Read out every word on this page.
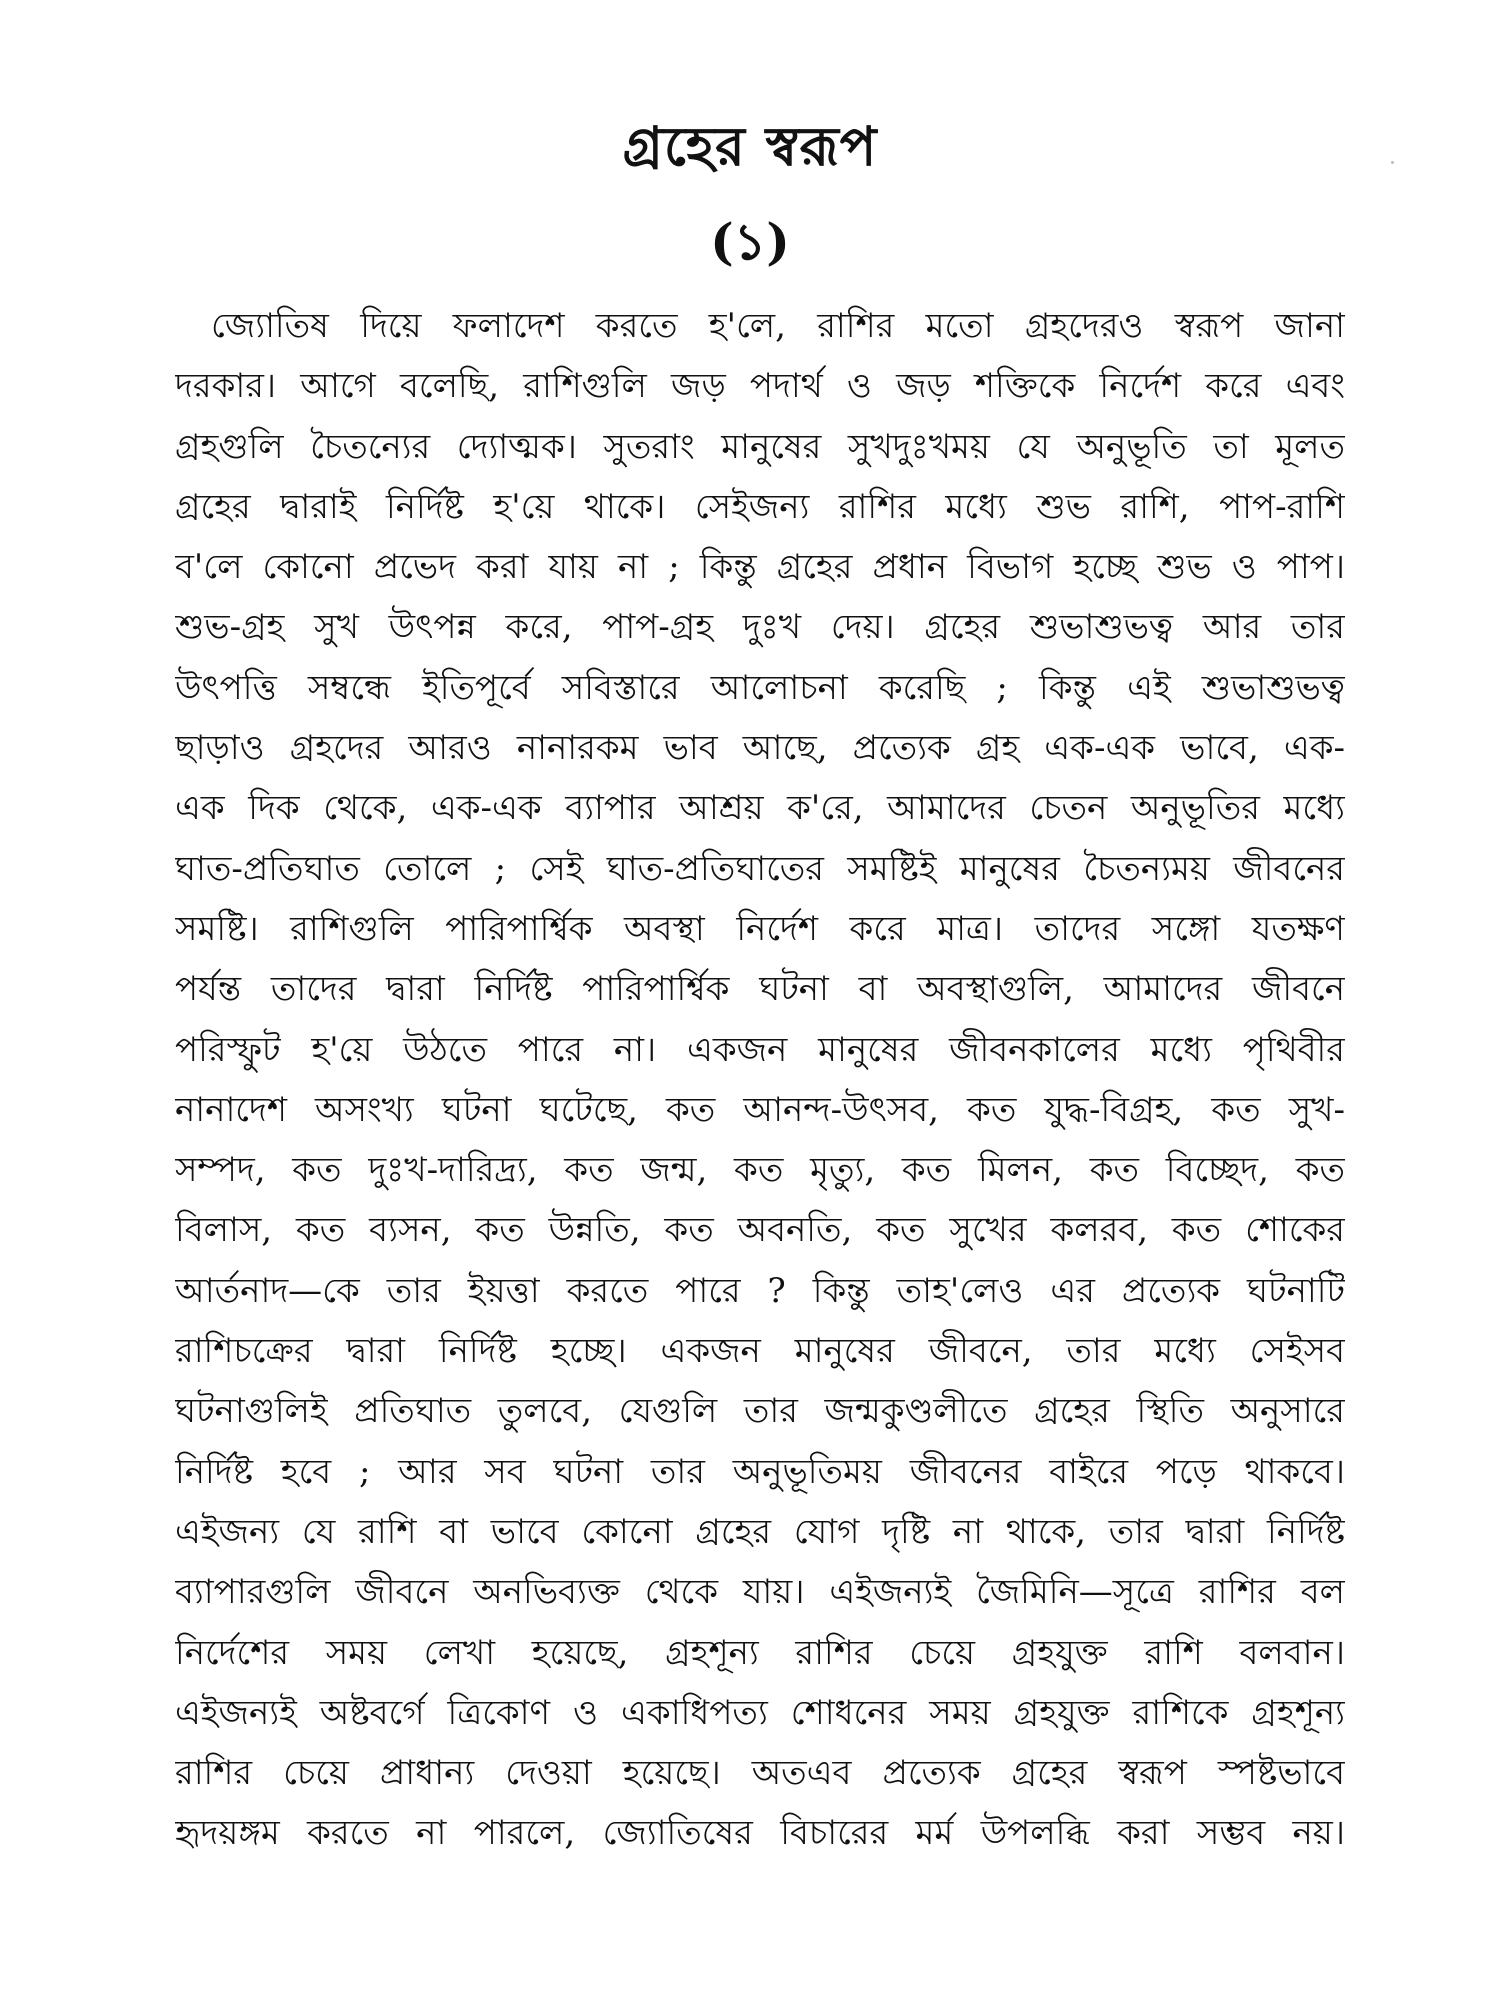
গ্রহের স্বরূপ
(১)
জ্যোতিষ দিয়ে ফলাদেশ করতে হ'লে, রাশির মতো গ্রহদেরও স্বরূপ জানা
দরকার। আগে বলেছি, রাশিগুলি জড় পদার্থ ও জড় শক্তিকে নির্দেশ করে এবং
গ্রহগুলি চৈতন্যের দ্যোত্মক। সুতরাং মানুষের সুখদুঃখময় যে অনুভূতি তা মূলত
গ্রহের দ্বারাই নির্দিষ্ট হ'য়ে থাকে। সেইজন্য রাশির মধ্যে শুভ রাশি, পাপ-রাশি
ব'লে কোনো প্রভেদ করা যায় না ; কিন্তু গ্রহের প্রধান বিভাগ হচ্ছে শুভ ও পাপ।
শুভ-গ্রহ সুখ উৎপন্ন করে, পাপ-গ্রহ দুঃখ দেয়। গ্রহের শুভাশুভত্ব আর তার
উৎপত্তি সম্বন্ধে ইতিপূর্বে সবিস্তারে আলোচনা করেছি ; কিন্তু এই শুভাশুভত্ব
ছাড়াও গ্রহদের আরও নানারকম ভাব আছে, প্রত্যেক গ্রহ এক-এক ভাবে, এক-
এক দিক থেকে, এক-এক ব্যাপার আশ্রয় ক'রে, আমাদের চেতন অনুভূতির মধ্যে
ঘাত-প্রতিঘাত তোলে ; সেই ঘাত-প্রতিঘাতের সমষ্টিই মানুষের চৈতন্যময় জীবনের
সমষ্টি। রাশিগুলি পারিপার্শ্বিক অবস্থা নির্দেশ করে মাত্র। তাদের সঙ্গো যতক্ষণ
পর্যন্ত তাদের দ্বারা নির্দিষ্ট পারিপার্শ্বিক ঘটনা বা অবস্থাগুলি, আমাদের জীবনে
পরিস্ফুট হ'য়ে উঠতে পারে না। একজন মানুষের জীবনকালের মধ্যে পৃথিবীর
নানাদেশ অসংখ্য ঘটনা ঘটেছে, কত আনন্দ-উৎসব, কত যুদ্ধ-বিগ্রহ, কত সুখ-
সম্পদ, কত দুঃখ-দারিদ্র্য, কত জন্ম, কত মৃত্যু, কত মিলন, কত বিচ্ছেদ, কত
বিলাস, কত ব্যসন, কত উন্নতি, কত অবনতি, কত সুখের কলরব, কত শোকের
আর্তনাদ—কে তার ইয়ত্তা করতে পারে ? কিন্তু তাহ'লেও এর প্রত্যেক ঘটনাটি
রাশিচক্রের দ্বারা নির্দিষ্ট হচ্ছে। একজন মানুষের জীবনে, তার মধ্যে সেইসব
ঘটনাগুলিই প্রতিঘাত তুলবে, যেগুলি তার জন্মকুণ্ডলীতে গ্রহের স্থিতি অনুসারে
নির্দিষ্ট হবে ; আর সব ঘটনা তার অনুভূতিময় জীবনের বাইরে পড়ে থাকবে।
এইজন্য যে রাশি বা ভাবে কোনো গ্রহের যোগ দৃষ্টি না থাকে, তার দ্বারা নির্দিষ্ট
ব্যাপারগুলি জীবনে অনভিব্যক্ত থেকে যায়। এইজন্যই জৈমিনি—সূত্রে রাশির বল
নির্দেশের সময় লেখা হয়েছে, গ্রহশূন্য রাশির চেয়ে গ্রহযুক্ত রাশি বলবান।
এইজন্যই অষ্টবর্গে ত্রিকোণ ও একাধিপত্য শোধনের সময় গ্রহযুক্ত রাশিকে গ্রহশূন্য
রাশির চেয়ে প্রাধান্য দেওয়া হয়েছে। অতএব প্রত্যেক গ্রহের স্বরূপ স্পষ্টভাবে
হৃদয়ঙ্গম করতে না পারলে, জ্যোতিষের বিচারের মর্ম উপলব্ধি করা সম্ভব নয়।
